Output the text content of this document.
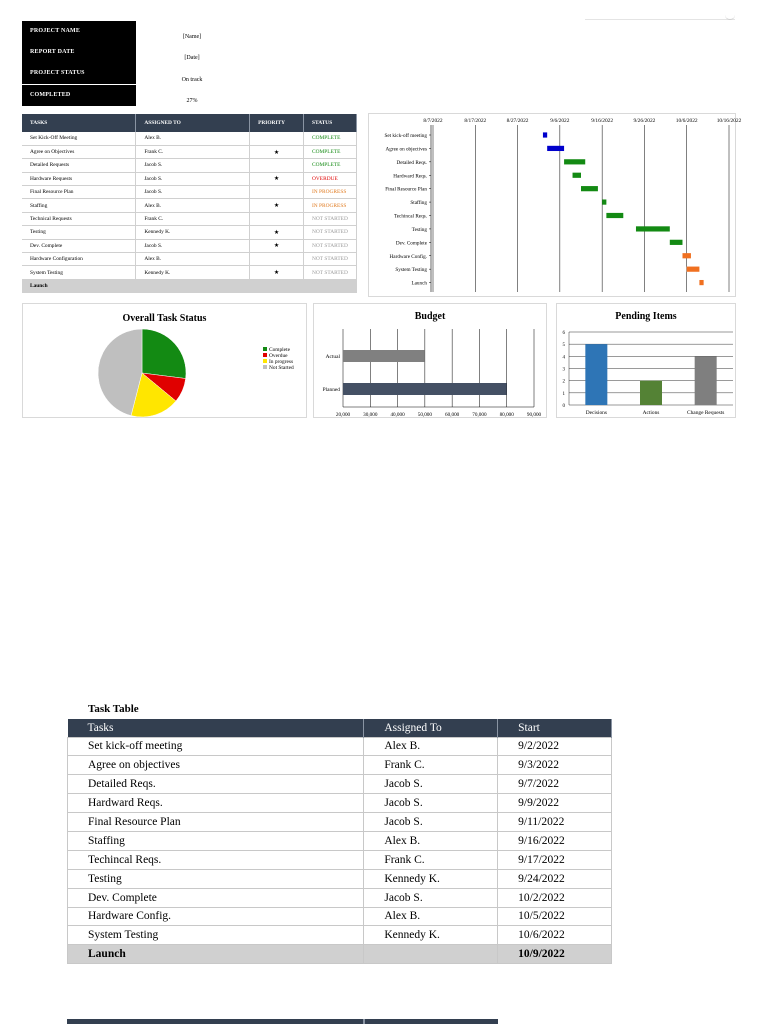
PROJECT NAME
[Name]
REPORT DATE
[Date]
PROJECT STATUS
On track
COMPLETED
27%
TASKS	ASSIGNED TO	PRIORITY	STATUS
Set Kick-Off Meeting	Alex B.		COMPLETE
Agree on Objectives	Frank C.	★	COMPLETE
Detailed Requests	Jacob S.		COMPLETE
Hardware Requests	Jacob S.	★	OVERDUE
Final Resource Plan	Jacob S.		IN PROGRESS
Staffing	Alex B.	★	IN PROGRESS
Technical Requests	Frank C.		NOT STARTED
Testing	Kennedy K.	★	NOT STARTED
Dev. Complete	Jacob S.	★	NOT STARTED
Hardware Configuration	Alex B.		NOT STARTED
System Testing	Kennedy K.	★	NOT STARTED
Launch			
8/7/2022	8/17/2022	8/27/2022	9/6/2022	9/16/2022	9/26/2022	10/6/2022	10/16/2022
Set kick-off meeting
Agree on objectives
Detailed Reqs.
Hardward Reqs.
Final Resource Plan
Staffing
Techincal Reqs.
Testing
Dev. Complete
Hardware Config.
System Testing
Launch
Overall Task Status
Complete
Overdue
In progress
Not Started
Budget
20,000	30,000	40,000	50,000	60,000	70,000	80,000	90,000
Actual
Planned
Pending Items
0
1
2
3
4
5
6
Decisions	Actions	Change Requests
Task Table
Tasks	Assigned To	Start
Set kick-off meeting	Alex B.	9/2/2022
Agree on objectives	Frank C.	9/3/2022
Detailed Reqs.	Jacob S.	9/7/2022
Hardward Reqs.	Jacob S.	9/9/2022
Final Resource Plan	Jacob S.	9/11/2022
Staffing	Alex B.	9/16/2022
Techincal Reqs.	Frank C.	9/17/2022
Testing	Kennedy K.	9/24/2022
Dev. Complete	Jacob S.	10/2/2022
Hardware Config.	Alex B.	10/5/2022
System Testing	Kennedy K.	10/6/2022
Launch		10/9/2022
